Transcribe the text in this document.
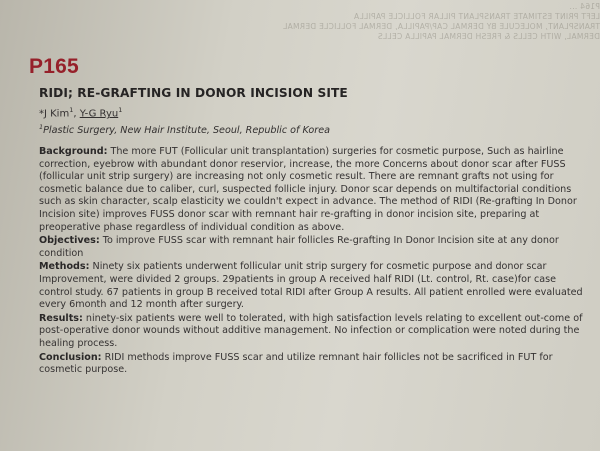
P164 ...
LEFT PRINT ESTIMATE TRANSPLANT PILLAR FOLLICLE PAPILLA
TRANSPLANT, MOLECULE BY DERMAL CAP/PAPILLA, DERMAL FOLLICLE DERMAL
DERMAL, WITH CELLS & FRESH DERMAL PAPILLA CELLS
P165
RIDI; RE-GRAFTING IN DONOR INCISION SITE
*J Kim$^1$, Y-G Ryu$^1$
$^1$Plastic Surgery, New Hair Institute, Seoul, Republic of Korea

Background: The more FUT (Follicular unit transplantation) surgeries for cosmetic purpose, Such as hairline correction, eyebrow with abundant donor reservior, increase, the more Concerns about donor scar after FUSS (follicular unit strip surgery) are increasing not only cosmetic result. There are remnant grafts not using for cosmetic balance due to caliber, curl, suspected follicle injury. Donor scar depends on multifactorial conditions such as skin character, scalp elasticity we couldn't expect in advance. The method of RIDI (Re-grafting In Donor Incision site) improves FUSS donor scar with remnant hair re-grafting in donor incision site, preparing at preoperative phase regardless of individual condition as above.

Objectives: To improve FUSS scar with remnant hair follicles Re-grafting In Donor Incision site at any donor condition

Methods: Ninety six patients underwent follicular unit strip surgery for cosmetic purpose and donor scar Improvement, were divided 2 groups. 29patients in group A received half RIDI (Lt. control, Rt. case)for case control study. 67 patients in group B received total RIDI after Group A results. All patient enrolled were evaluated every 6month and 12 month after surgery.

Results: ninety-six patients were well to tolerated, with high satisfaction levels relating to excellent out-come of post-operative donor wounds without additive management. No infection or complication were noted during the healing process.

Conclusion: RIDI methods improve FUSS scar and utilize remnant hair follicles not be sacrificed in FUT for cosmetic purpose.
